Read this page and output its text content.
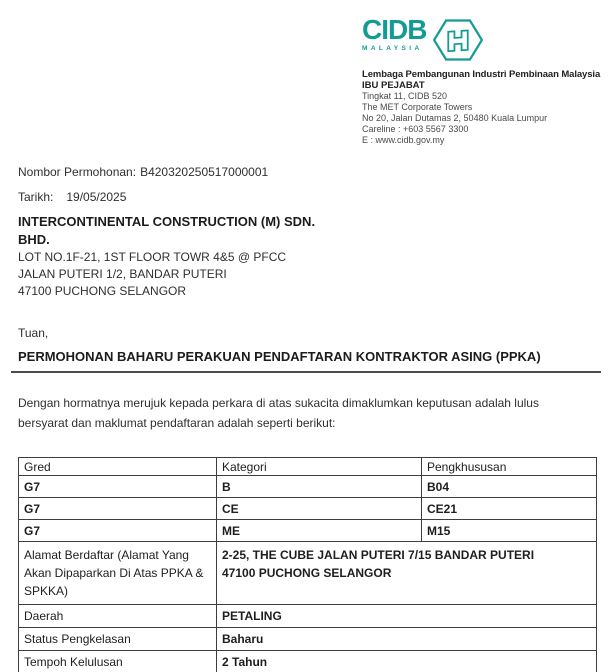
CIDB
MALAYSIA
Lembaga Pembangunan Industri Pembinaan Malaysia
IBU PEJABAT
Tingkat 11, CIDB 520
The MET Corporate Towers
No 20, Jalan Dutamas 2, 50480 Kuala Lumpur
Careline : +603 5567 3300
E : www.cidb.gov.my
Nombor Permohonan: B420320250517000001
Tarikh: 19/05/2025
INTERCONTINENTAL CONSTRUCTION (M) SDN.
BHD.
LOT NO.1F-21, 1ST FLOOR TOWR 4&5 @ PFCC
JALAN PUTERI 1/2, BANDAR PUTERI
47100 PUCHONG SELANGOR
Tuan,
PERMOHONAN BAHARU PERAKUAN PENDAFTARAN KONTRAKTOR ASING (PPKA)
Dengan hormatnya merujuk kepada perkara di atas sukacita dimaklumkan keputusan adalah lulus
bersyarat dan maklumat pendaftaran adalah seperti berikut:
Gred	Kategori	Pengkhususan
G7	B	B04
G7	CE	CE21
G7	ME	M15
Alamat Berdaftar (Alamat Yang Akan Dipaparkan Di Atas PPKA & SPKKA)	2-25, THE CUBE JALAN PUTERI 7/15 BANDAR PUTERI
47100 PUCHONG SELANGOR	

Daerah	PETALING	
Status Pengkelasan	Baharu	
Tempoh Kelulusan	2 Tahun	
